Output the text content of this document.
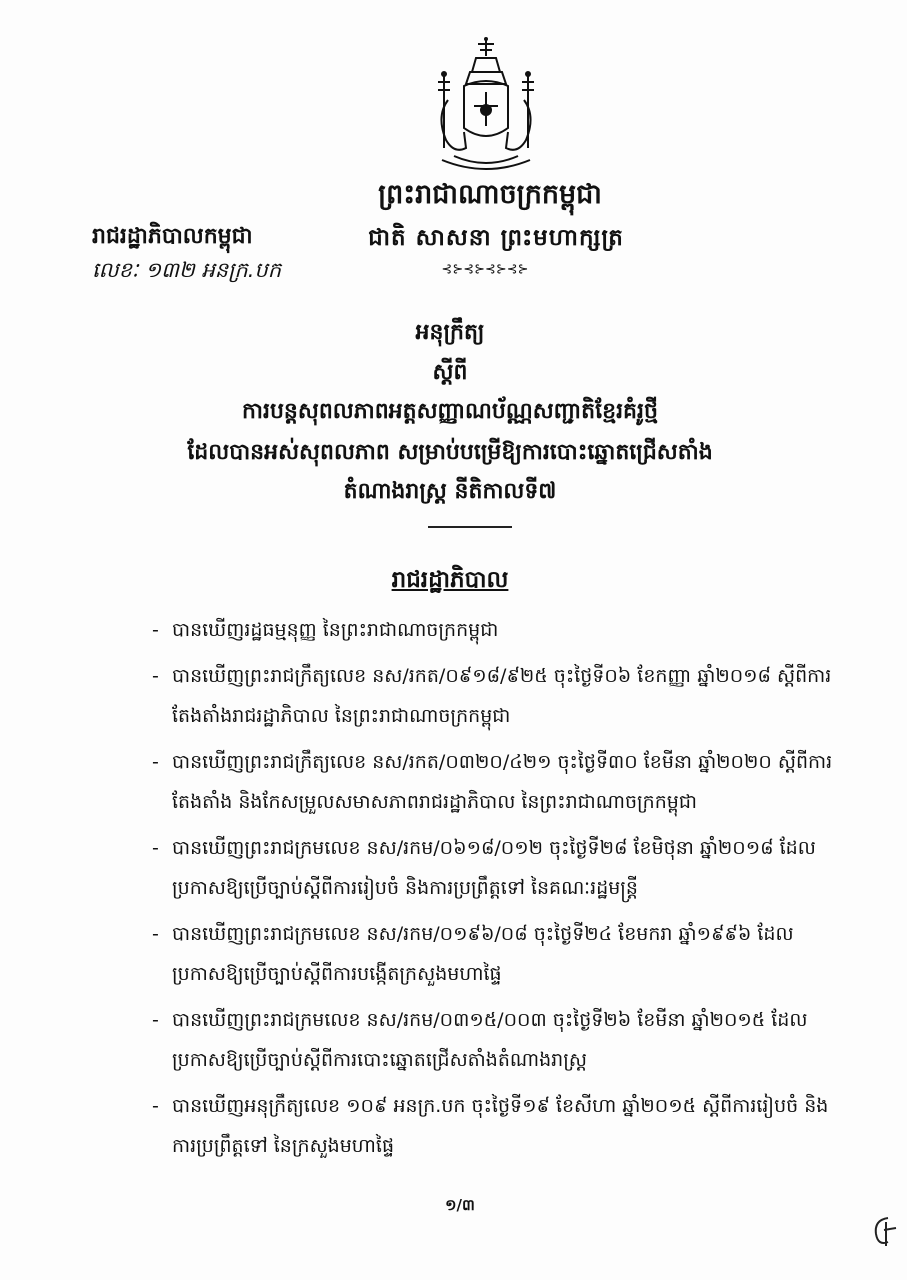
ព្រះរាជាណាចក្រកម្ពុជា
ជាតិ សាសនា ព្រះមហាក្សត្រ
⊰⊱⊰⊱⊰⊱⊰⊱
រាជរដ្ឋាភិបាលកម្ពុជា
លេខៈ ១៣២ អនក្រ.បក
អនុក្រឹត្យ
ស្ដីពី
ការបន្តសុពលភាពអត្តសញ្ញាណប័ណ្ណសញ្ជាតិខ្មែរគំរូថ្មី
ដែលបានអស់សុពលភាព សម្រាប់បម្រើឱ្យការបោះឆ្នោតជ្រើសតាំង
តំណាងរាស្ត្រ នីតិកាលទី៧
រាជរដ្ឋាភិបាល
- បានឃើញរដ្ឋធម្មនុញ្ញ នៃព្រះរាជាណាចក្រកម្ពុជា
- បានឃើញព្រះរាជក្រឹត្យលេខ នស/រកត/០៩១៨/៩២៥ ចុះថ្ងៃទី០៦ ខែកញ្ញា ឆ្នាំ២០១៨ ស្ដីពីការតែងតាំងរាជរដ្ឋាភិបាល នៃព្រះរាជាណាចក្រកម្ពុជា
- បានឃើញព្រះរាជក្រឹត្យលេខ នស/រកត/០៣២០/៤២១ ចុះថ្ងៃទី៣០ ខែមីនា ឆ្នាំ២០២០ ស្ដីពីការតែងតាំង និងកែសម្រួលសមាសភាពរាជរដ្ឋាភិបាល នៃព្រះរាជាណាចក្រកម្ពុជា
- បានឃើញព្រះរាជក្រមលេខ នស/រកម/០៦១៨/០១២ ចុះថ្ងៃទី២៨ ខែមិថុនា ឆ្នាំ២០១៨ ដែលប្រកាសឱ្យប្រើច្បាប់ស្ដីពីការរៀបចំ និងការប្រព្រឹត្តទៅ នៃគណៈរដ្ឋមន្ត្រី
- បានឃើញព្រះរាជក្រមលេខ នស/រកម/០១៩៦/០៨ ចុះថ្ងៃទី២៤ ខែមករា ឆ្នាំ១៩៩៦ ដែលប្រកាសឱ្យប្រើច្បាប់ស្ដីពីការបង្កើតក្រសួងមហាផ្ទៃ
- បានឃើញព្រះរាជក្រមលេខ នស/រកម/០៣១៥/០០៣ ចុះថ្ងៃទី២៦ ខែមីនា ឆ្នាំ២០១៥ ដែលប្រកាសឱ្យប្រើច្បាប់ស្ដីពីការបោះឆ្នោតជ្រើសតាំងតំណាងរាស្ត្រ
- បានឃើញអនុក្រឹត្យលេខ ១០៩ អនក្រ.បក ចុះថ្ងៃទី១៩ ខែសីហា ឆ្នាំ២០១៥ ស្ដីពីការរៀបចំ និងការប្រព្រឹត្តទៅ នៃក្រសួងមហាផ្ទៃ
១/៣
